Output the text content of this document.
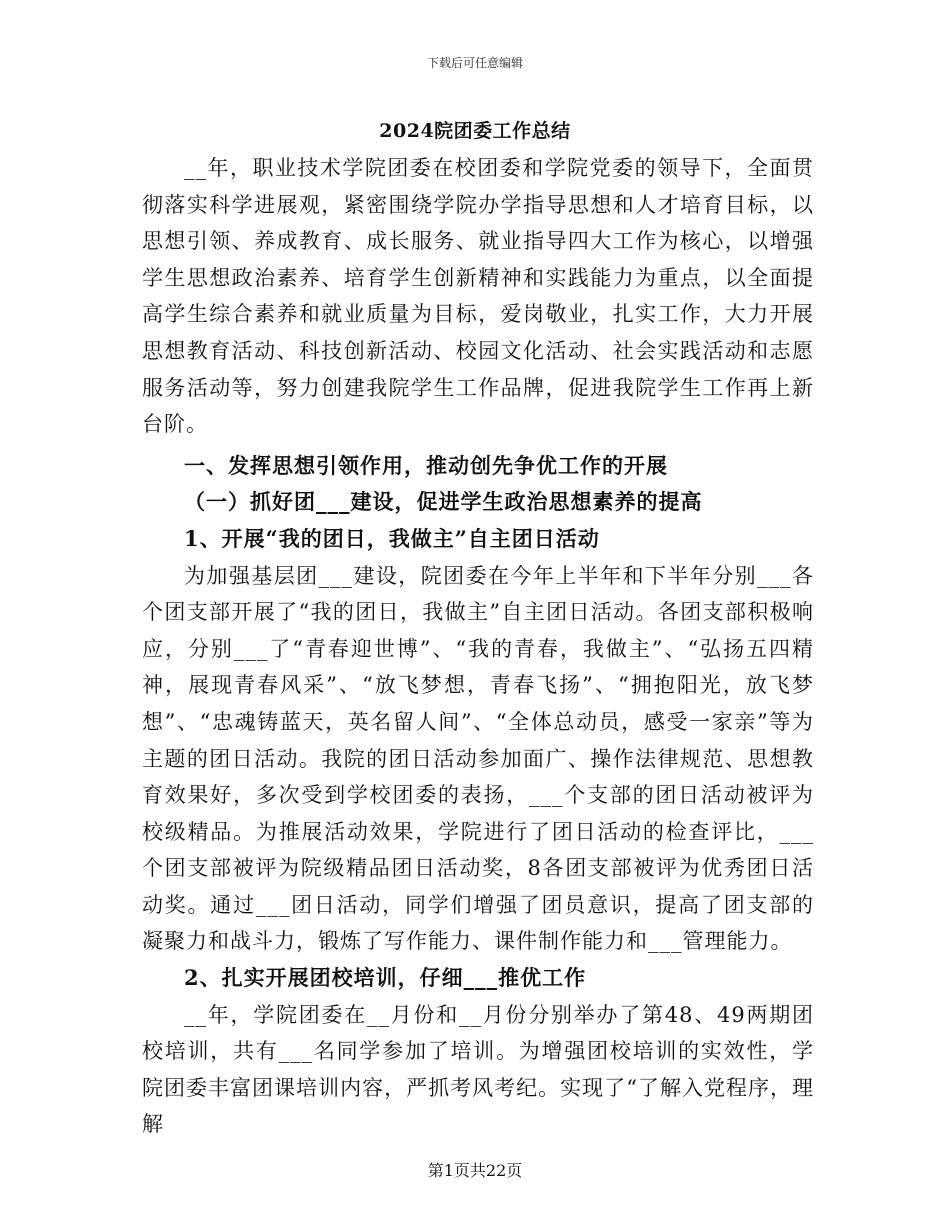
下载后可任意编辑
2024院团委工作总结

__年，职业技术学院团委在校团委和学院党委的领导下，全面贯彻落实科学进展观，紧密围绕学院办学指导思想和人才培育目标，以思想引领、养成教育、成长服务、就业指导四大工作为核心，以增强学生思想政治素养、培育学生创新精神和实践能力为重点，以全面提高学生综合素养和就业质量为目标，爱岗敬业，扎实工作，大力开展思想教育活动、科技创新活动、校园文化活动、社会实践活动和志愿服务活动等，努力创建我院学生工作品牌，促进我院学生工作再上新台阶。

一、发挥思想引领作用，推动创先争优工作的开展

（一）抓好团___建设，促进学生政治思想素养的提高

1、开展“我的团日，我做主”自主团日活动

为加强基层团___建设，院团委在今年上半年和下半年分别___各个团支部开展了“我的团日，我做主”自主团日活动。各团支部积极响应，分别___了“青春迎世博”、“我的青春，我做主”、“弘扬五四精神，展现青春风采”、“放飞梦想，青春飞扬”、“拥抱阳光，放飞梦想”、“忠魂铸蓝天，英名留人间”、“全体总动员，感受一家亲”等为主题的团日活动。我院的团日活动参加面广、操作法律规范、思想教育效果好，多次受到学校团委的表扬，___个支部的团日活动被评为校级精品。为推展活动效果，学院进行了团日活动的检查评比，___个团支部被评为院级精品团日活动奖，8各团支部被评为优秀团日活动奖。通过___团日活动，同学们增强了团员意识，提高了团支部的凝聚力和战斗力，锻炼了写作能力、课件制作能力和___管理能力。

2、扎实开展团校培训，仔细___推优工作

__年，学院团委在__月份和__月份分别举办了第48、49两期团校培训，共有___名同学参加了培训。为增强团校培训的实效性，学院团委丰富团课培训内容，严抓考风考纪。实现了“了解入党程序，理解

第1页共22页
